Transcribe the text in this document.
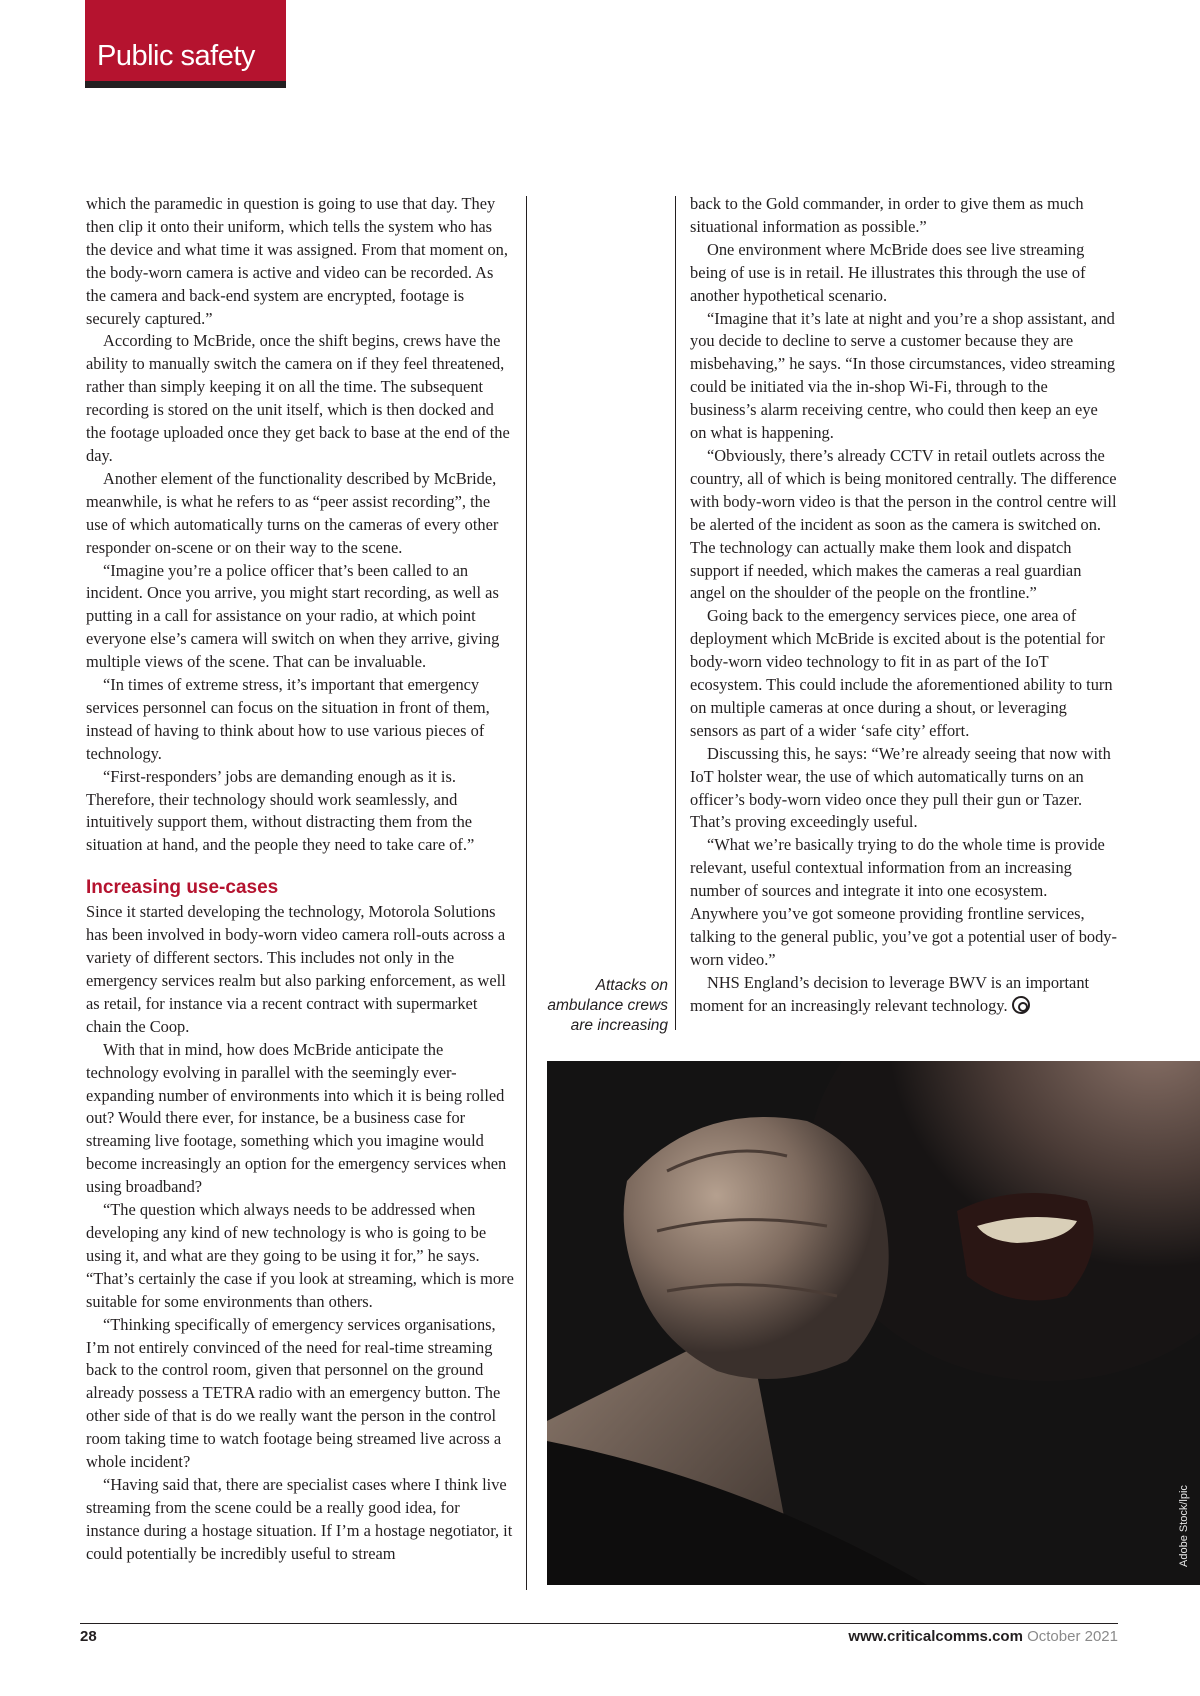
Public safety

which the paramedic in question is going to use that day. They then clip it onto their uniform, which tells the system who has the device and what time it was assigned. From that moment on, the body-worn camera is active and video can be recorded. As the camera and back-end system are encrypted, footage is securely captured.”

According to McBride, once the shift begins, crews have the ability to manually switch the camera on if they feel threatened, rather than simply keeping it on all the time. The subsequent recording is stored on the unit itself, which is then docked and the footage uploaded once they get back to base at the end of the day.

Another element of the functionality described by McBride, meanwhile, is what he refers to as “peer assist recording”, the use of which automatically turns on the cameras of every other responder on-scene or on their way to the scene.

“Imagine you’re a police officer that’s been called to an incident. Once you arrive, you might start recording, as well as putting in a call for assistance on your radio, at which point everyone else’s camera will switch on when they arrive, giving multiple views of the scene. That can be invaluable.

“In times of extreme stress, it’s important that emergency services personnel can focus on the situation in front of them, instead of having to think about how to use various pieces of technology.

“First-responders’ jobs are demanding enough as it is. Therefore, their technology should work seamlessly, and intuitively support them, without distracting them from the situation at hand, and the people they need to take care of.”

Increasing use-cases

Since it started developing the technology, Motorola Solutions has been involved in body-worn video camera roll-outs across a variety of different sectors. This includes not only in the emergency services realm but also parking enforcement, as well as retail, for instance via a recent contract with supermarket chain the Coop.

With that in mind, how does McBride anticipate the technology evolving in parallel with the seemingly ever-expanding number of environments into which it is being rolled out? Would there ever, for instance, be a business case for streaming live footage, something which you imagine would become increasingly an option for the emergency services when using broadband?

“The question which always needs to be addressed when developing any kind of new technology is who is going to be using it, and what are they going to be using it for,” he says. “That’s certainly the case if you look at streaming, which is more suitable for some environments than others.

“Thinking specifically of emergency services organisations, I’m not entirely convinced of the need for real-time streaming back to the control room, given that personnel on the ground already possess a TETRA radio with an emergency button. The other side of that is do we really want the person in the control room taking time to watch footage being streamed live across a whole incident?

“Having said that, there are specialist cases where I think live streaming from the scene could be a really good idea, for instance during a hostage situation. If I’m a hostage negotiator, it could potentially be incredibly useful to stream

Attacks on ambulance crews are increasing

back to the Gold commander, in order to give them as much situational information as possible.”

One environment where McBride does see live streaming being of use is in retail. He illustrates this through the use of another hypothetical scenario.

“Imagine that it’s late at night and you’re a shop assistant, and you decide to decline to serve a customer because they are misbehaving,” he says. “In those circumstances, video streaming could be initiated via the in-shop Wi-Fi, through to the business’s alarm receiving centre, who could then keep an eye on what is happening.

“Obviously, there’s already CCTV in retail outlets across the country, all of which is being monitored centrally. The difference with body-worn video is that the person in the control centre will be alerted of the incident as soon as the camera is switched on. The technology can actually make them look and dispatch support if needed, which makes the cameras a real guardian angel on the shoulder of the people on the frontline.”

Going back to the emergency services piece, one area of deployment which McBride is excited about is the potential for body-worn video technology to fit in as part of the IoT ecosystem. This could include the aforementioned ability to turn on multiple cameras at once during a shout, or leveraging sensors as part of a wider ‘safe city’ effort.

Discussing this, he says: “We’re already seeing that now with IoT holster wear, the use of which automatically turns on an officer’s body-worn video once they pull their gun or Tazer. That’s proving exceedingly useful.

“What we’re basically trying to do the whole time is provide relevant, useful contextual information from an increasing number of sources and integrate it into one ecosystem. Anywhere you’ve got someone providing frontline services, talking to the general public, you’ve got a potential user of body-worn video.”

NHS England’s decision to leverage BWV is an important moment for an increasingly relevant technology.

Adobe Stock/lpic
28	www.criticalcomms.com October 2021
